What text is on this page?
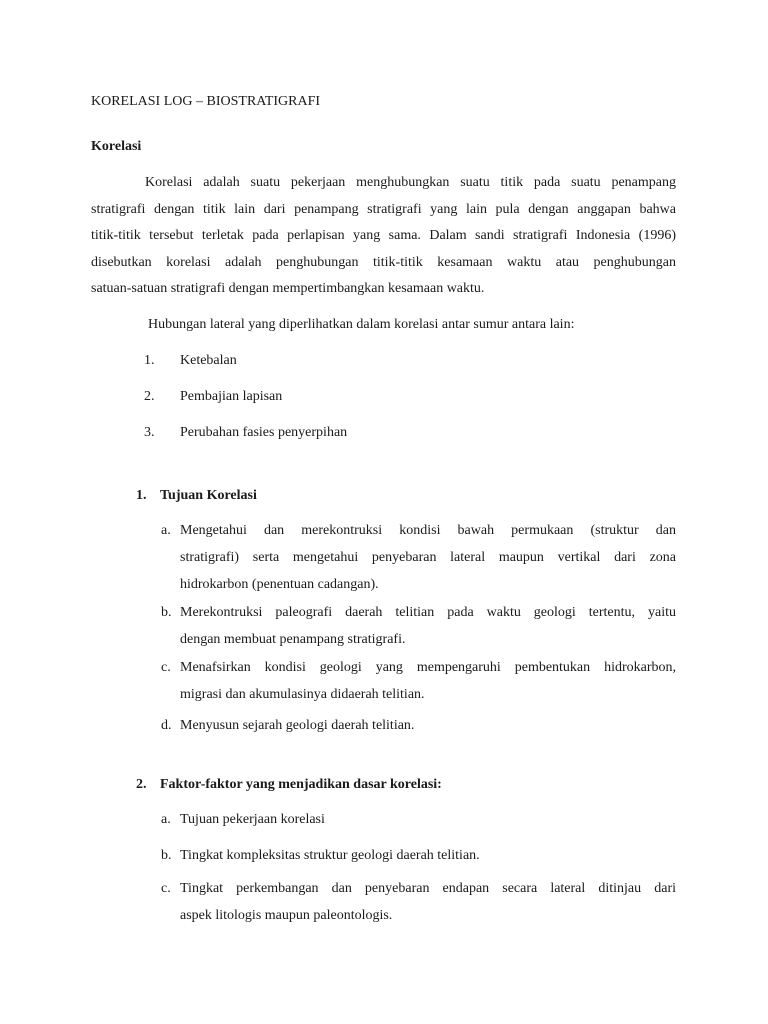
KORELASI LOG – BIOSTRATIGRAFI
Korelasi
Korelasi adalah suatu pekerjaan menghubungkan suatu titik pada suatu penampang
stratigrafi dengan titik lain dari penampang stratigrafi yang lain pula dengan anggapan bahwa
titik-titik tersebut terletak pada perlapisan yang sama. Dalam sandi stratigrafi Indonesia (1996)
disebutkan korelasi adalah penghubungan titik-titik kesamaan waktu atau penghubungan
satuan-satuan stratigrafi dengan mempertimbangkan kesamaan waktu.
Hubungan lateral yang diperlihatkan dalam korelasi antar sumur antara lain:
1. Ketebalan
2. Pembajian lapisan
3. Perubahan fasies penyerpihan
1. Tujuan Korelasi
a. Mengetahui dan merekontruksi kondisi bawah permukaan (struktur dan
stratigrafi) serta mengetahui penyebaran lateral maupun vertikal dari zona
hidrokarbon (penentuan cadangan).
b. Merekontruksi paleografi daerah telitian pada waktu geologi tertentu, yaitu
dengan membuat penampang stratigrafi.
c. Menafsirkan kondisi geologi yang mempengaruhi pembentukan hidrokarbon,
migrasi dan akumulasinya didaerah telitian.
d. Menyusun sejarah geologi daerah telitian.
2. Faktor-faktor yang menjadikan dasar korelasi:
a. Tujuan pekerjaan korelasi
b. Tingkat kompleksitas struktur geologi daerah telitian.
c. Tingkat perkembangan dan penyebaran endapan secara lateral ditinjau dari
aspek litologis maupun paleontologis.
